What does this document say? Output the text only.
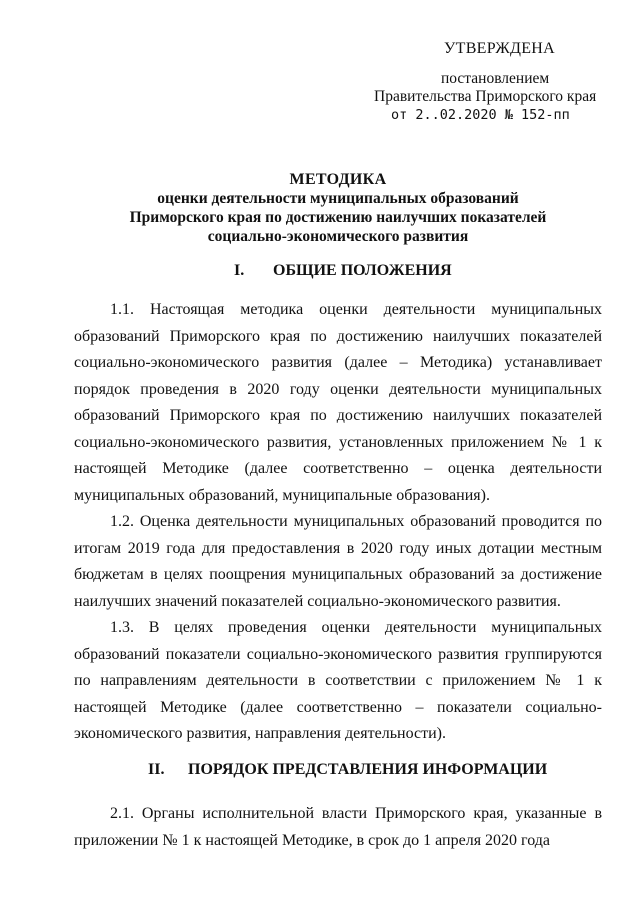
УТВЕРЖДЕНА
постановлением
Правительства Приморского края
от 2..02.2020 № 152-пп
МЕТОДИКА
оценки деятельности муниципальных образований
Приморского края по достижению наилучших показателей
социально-экономического развития
I. ОБЩИЕ ПОЛОЖЕНИЯ

1.1. Настоящая методика оценки деятельности муниципальных образований Приморского края по достижению наилучших показателей социально-экономического развития (далее – Методика) устанавливает порядок проведения в 2020 году оценки деятельности муниципальных образований Приморского края по достижению наилучших показателей социально-экономического развития, установленных приложением № 1 к настоящей Методике (далее соответственно – оценка деятельности муниципальных образований, муниципальные образования).

1.2. Оценка деятельности муниципальных образований проводится по итогам 2019 года для предоставления в 2020 году иных дотации местным бюджетам в целях поощрения муниципальных образований за достижение наилучших значений показателей социально-экономического развития.

1.3. В целях проведения оценки деятельности муниципальных образований показатели социально-экономического развития группируются по направлениям деятельности в соответствии с приложением № 1 к настоящей Методике (далее соответственно – показатели социально-экономического развития, направления деятельности).

II. ПОРЯДОК ПРЕДСТАВЛЕНИЯ ИНФОРМАЦИИ

2.1. Органы исполнительной власти Приморского края, указанные в приложении № 1 к настоящей Методике, в срок до 1 апреля 2020 года
